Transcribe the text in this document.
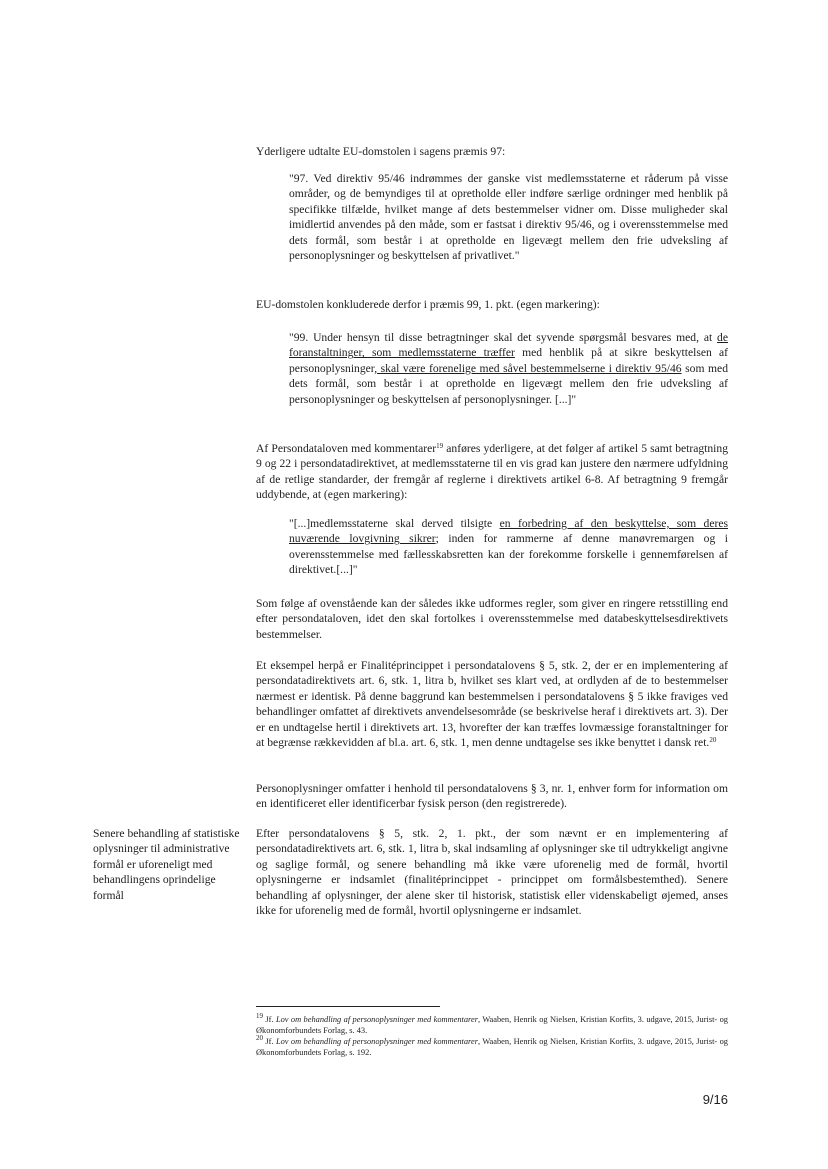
Yderligere udtalte EU-domstolen i sagens præmis 97:

"97. Ved direktiv 95/46 indrømmes der ganske vist medlemsstaterne et råderum på visse områder, og de bemyndiges til at opretholde eller indføre særlige ordninger med henblik på specifikke tilfælde, hvilket mange af dets bestemmelser vidner om. Disse muligheder skal imidlertid anvendes på den måde, som er fastsat i direktiv 95/46, og i overensstemmelse med dets formål, som består i at opretholde en ligevægt mellem den frie udveksling af personoplysninger og beskyttelsen af privatlivet."

EU-domstolen konkluderede derfor i præmis 99, 1. pkt. (egen markering):

"99. Under hensyn til disse betragtninger skal det syvende spørgsmål besvares med, at de foranstaltninger, som medlemsstaterne træffer med henblik på at sikre beskyttelsen af personoplysninger, skal være forenelige med såvel bestemmelserne i direktiv 95/46 som med dets formål, som består i at opretholde en ligevægt mellem den frie udveksling af personoplysninger og beskyttelsen af personoplysninger. [...]"

Af Persondataloven med kommentarer$^{19}$ anføres yderligere, at det følger af artikel 5 samt betragtning 9 og 22 i persondatadirektivet, at medlemsstaterne til en vis grad kan justere den nærmere udfyldning af de retlige standarder, der fremgår af reglerne i direktivets artikel 6-8. Af betragtning 9 fremgår uddybende, at (egen markering):

"[...]medlemsstaterne skal derved tilsigte en forbedring af den beskyttelse, som deres nuværende lovgivning sikrer; inden for rammerne af denne manøvremargen og i overensstemmelse med fællesskabsretten kan der forekomme forskelle i gennemførelsen af direktivet.[...]"

Som følge af ovenstående kan der således ikke udformes regler, som giver en ringere retsstilling end efter persondataloven, idet den skal fortolkes i overensstemmelse med databeskyttelsesdirektivets bestemmelser.

Et eksempel herpå er Finalitéprincippet i persondatalovens § 5, stk. 2, der er en implementering af persondatadirektivets art. 6, stk. 1, litra b, hvilket ses klart ved, at ordlyden af de to bestemmelser nærmest er identisk. På denne baggrund kan bestemmelsen i persondatalovens § 5 ikke fraviges ved behandlinger omfattet af direktivets anvendelsesområde (se beskrivelse heraf i direktivets art. 3). Der er en undtagelse hertil i direktivets art. 13, hvorefter der kan træffes lovmæssige foranstaltninger for at begrænse rækkevidden af bl.a. art. 6, stk. 1, men denne undtagelse ses ikke benyttet i dansk ret.$^{20}$

Personoplysninger omfatter i henhold til persondatalovens § 3, nr. 1, enhver form for information om en identificeret eller identificerbar fysisk person (den registrerede).

Senere behandling af statistiske oplysninger til administrative formål er uforeneligt med behandlingens oprindelige formål

Efter persondatalovens § 5, stk. 2, 1. pkt., der som nævnt er en implementering af persondatadirektivets art. 6, stk. 1, litra b, skal indsamling af oplysninger ske til udtrykkeligt angivne og saglige formål, og senere behandling må ikke være uforenelig med de formål, hvortil oplysningerne er indsamlet (finalitéprincippet - princippet om formålsbestemthed). Senere behandling af oplysninger, der alene sker til historisk, statistisk eller videnskabeligt øjemed, anses ikke for uforenelig med de formål, hvortil oplysningerne er indsamlet.

$^{19}$ Jf. Lov om behandling af personoplysninger med kommentarer, Waaben, Henrik og Nielsen, Kristian Korfits, 3. udgave, 2015, Jurist- og Økonomforbundets Forlag, s. 43.

$^{20}$ Jf. Lov om behandling af personoplysninger med kommentarer, Waaben, Henrik og Nielsen, Kristian Korfits, 3. udgave, 2015, Jurist- og Økonomforbundets Forlag, s. 192.

9/16
